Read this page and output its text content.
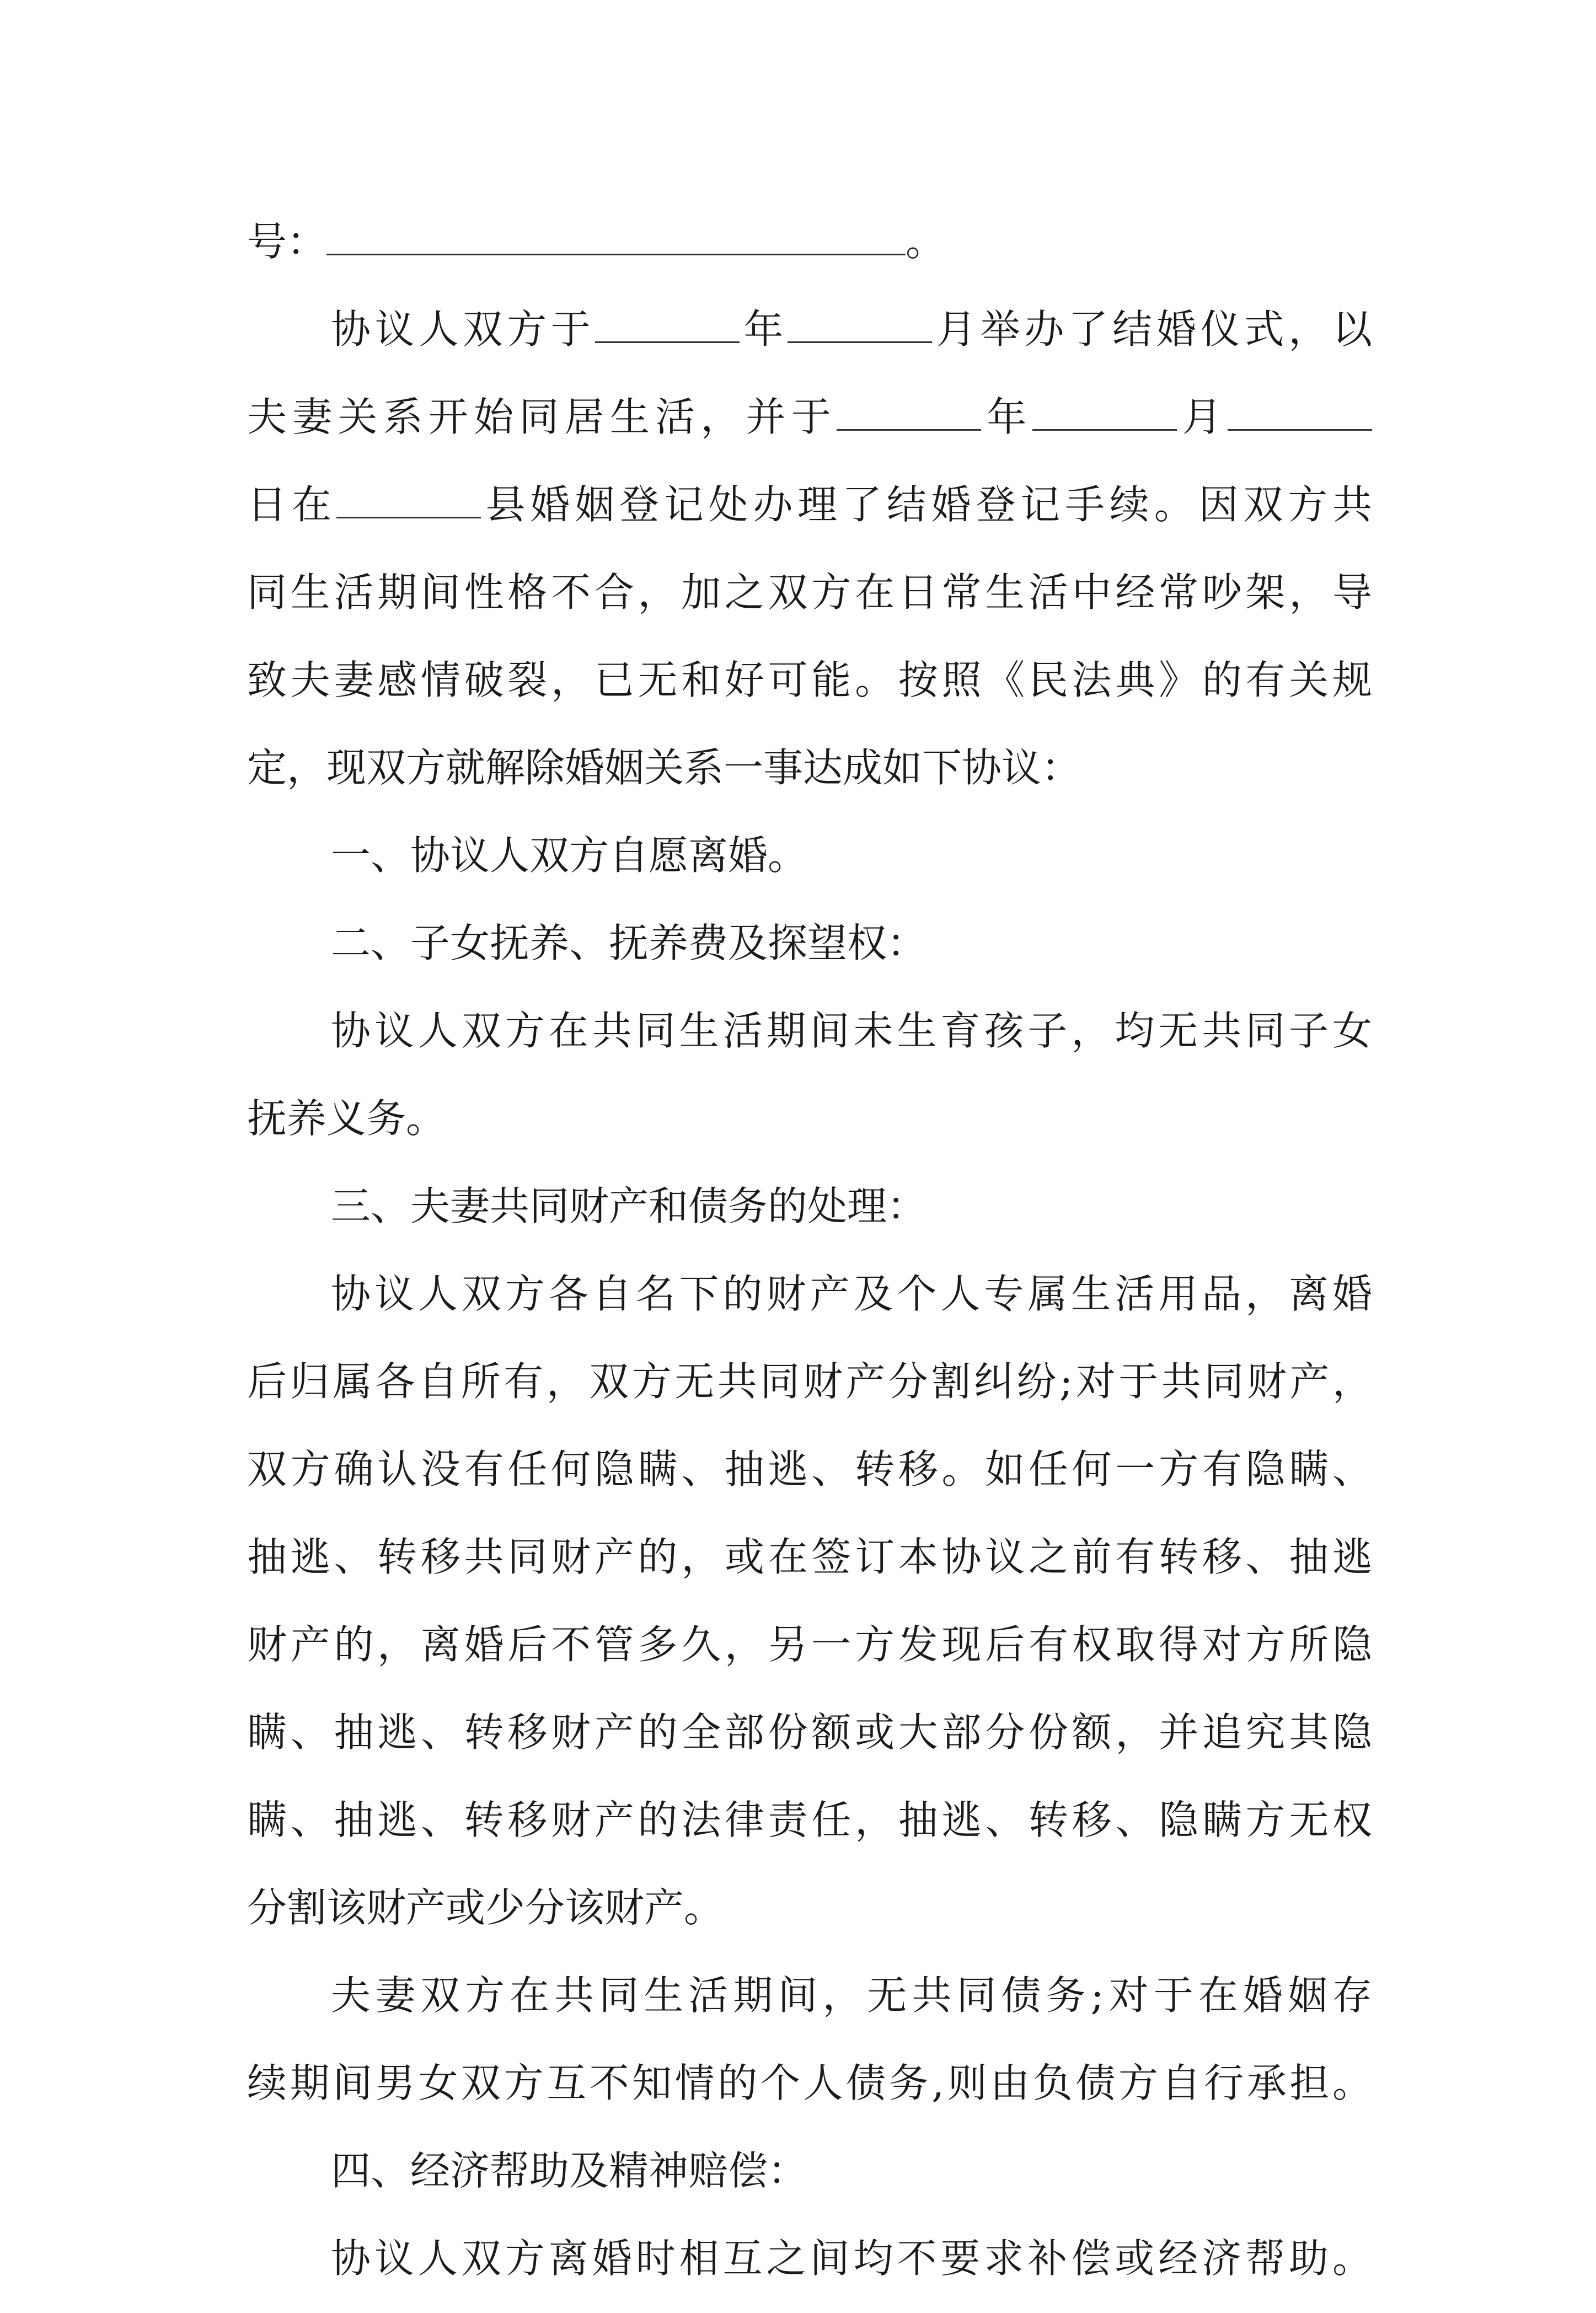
号：	。
协议人双方于	年	月举办了结婚仪式，以
夫妻关系开始同居生活，并于	年	月
日在	县婚姻登记处办理了结婚登记手续。因双方共
同生活期间性格不合，加之双方在日常生活中经常吵架，导
致夫妻感情破裂，已无和好可能。按照《民法典》的有关规
定，现双方就解除婚姻关系一事达成如下协议：
一、协议人双方自愿离婚。
二、子女抚养、抚养费及探望权：
协议人双方在共同生活期间未生育孩子，均无共同子女
抚养义务。
三、夫妻共同财产和债务的处理：
协议人双方各自名下的财产及个人专属生活用品，离婚
后归属各自所有，双方无共同财产分割纠纷;对于共同财产，
双方确认没有任何隐瞒、抽逃、转移。如任何一方有隐瞒、
抽逃、转移共同财产的，或在签订本协议之前有转移、抽逃
财产的，离婚后不管多久，另一方发现后有权取得对方所隐
瞒、抽逃、转移财产的全部份额或大部分份额，并追究其隐
瞒、抽逃、转移财产的法律责任，抽逃、转移、隐瞒方无权
分割该财产或少分该财产。
夫妻双方在共同生活期间，无共同债务;对于在婚姻存
续期间男女双方互不知情的个人债务,则由负债方自行承担。
四、经济帮助及精神赔偿：
协议人双方离婚时相互之间均不要求补偿或经济帮助。
